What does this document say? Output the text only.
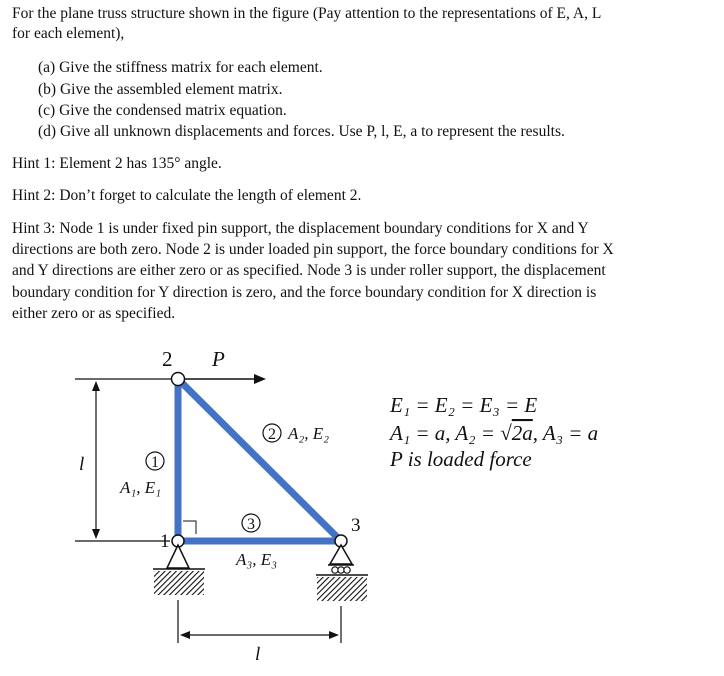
For the plane truss structure shown in the figure (Pay attention to the representations of E, A, L
for each element),
(a) Give the stiffness matrix for each element.
(b) Give the assembled element matrix.
(c) Give the condensed matrix equation.
(d) Give all unknown displacements and forces. Use P, l, E, a to represent the results.
Hint 1: Element 2 has 135° angle.
Hint 2: Don’t forget to calculate the length of element 2.
Hint 3: Node 1 is under fixed pin support, the displacement boundary conditions for X and Y
directions are both zero. Node 2 is under loaded pin support, the force boundary conditions for X
and Y directions are either zero or as specified. Node 3 is under roller support, the displacement
boundary condition for Y direction is zero, and the force boundary condition for X direction is
either zero or as specified.
l
P
2
1
3
1
A₁, E₁
2 A₂, E₂
3
A₃, E₃
l
E₁ = E₂ = E₃ = E
A₁ = a, A₂ = √2a, A₃ = a
P is loaded force
